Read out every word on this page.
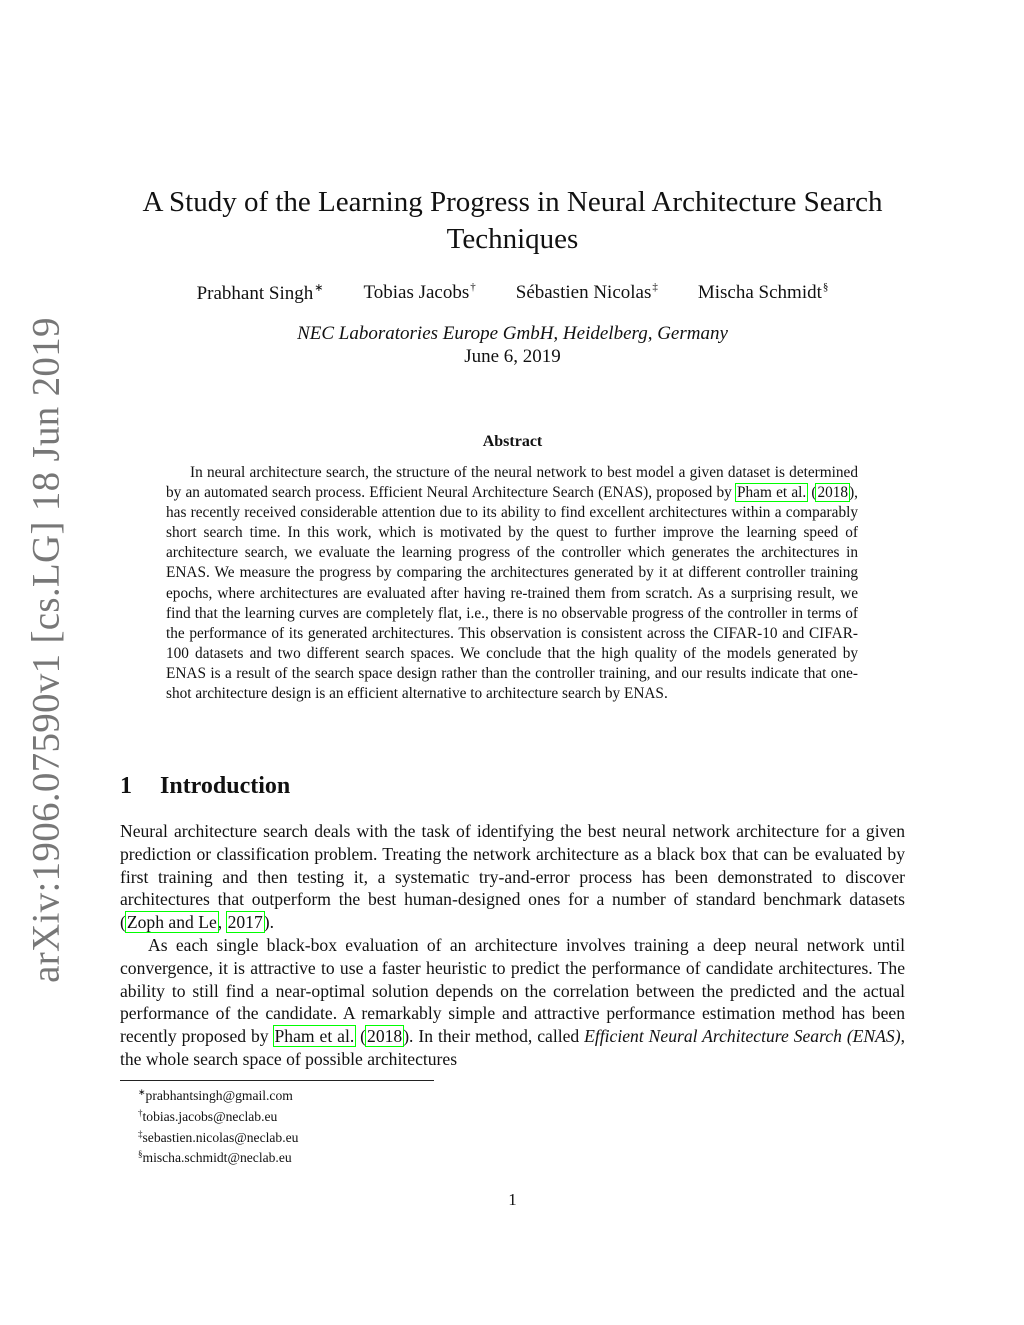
arXiv:1906.07590v1 [cs.LG] 18 Jun 2019
A Study of the Learning Progress in Neural Architecture Search Techniques
Prabhant Singh∗ Tobias Jacobs† Sébastien Nicolas‡ Mischa Schmidt§
NEC Laboratories Europe GmbH, Heidelberg, Germany
June 6, 2019
Abstract

In neural architecture search, the structure of the neural network to best model a given dataset is determined by an automated search process. Efficient Neural Architecture Search (ENAS), proposed by Pham et al. (2018), has recently received considerable attention due to its ability to find excellent architectures within a comparably short search time. In this work, which is motivated by the quest to further improve the learning speed of architecture search, we evaluate the learning progress of the controller which generates the architectures in ENAS. We measure the progress by comparing the architectures generated by it at different controller training epochs, where architectures are evaluated after having re-trained them from scratch. As a surprising result, we find that the learning curves are completely flat, i.e., there is no observable progress of the controller in terms of the performance of its generated architectures. This observation is consistent across the CIFAR-10 and CIFAR-100 datasets and two different search spaces. We conclude that the high quality of the models generated by ENAS is a result of the search space design rather than the controller training, and our results indicate that one-shot architecture design is an efficient alternative to architecture search by ENAS.

1 Introduction

Neural architecture search deals with the task of identifying the best neural network architecture for a given prediction or classification problem. Treating the network architecture as a black box that can be evaluated by first training and then testing it, a systematic try-and-error process has been demonstrated to discover architectures that outperform the best human-designed ones for a number of standard benchmark datasets (Zoph and Le, 2017).

As each single black-box evaluation of an architecture involves training a deep neural network until convergence, it is attractive to use a faster heuristic to predict the performance of candidate architectures. The ability to still find a near-optimal solution depends on the correlation between the predicted and the actual performance of the candidate. A remarkably simple and attractive performance estimation method has been recently proposed by Pham et al. (2018). In their method, called Efficient Neural Architecture Search (ENAS), the whole search space of possible architectures

∗prabhantsingh@gmail.com
†tobias.jacobs@neclab.eu
‡sebastien.nicolas@neclab.eu
§mischa.schmidt@neclab.eu
1
